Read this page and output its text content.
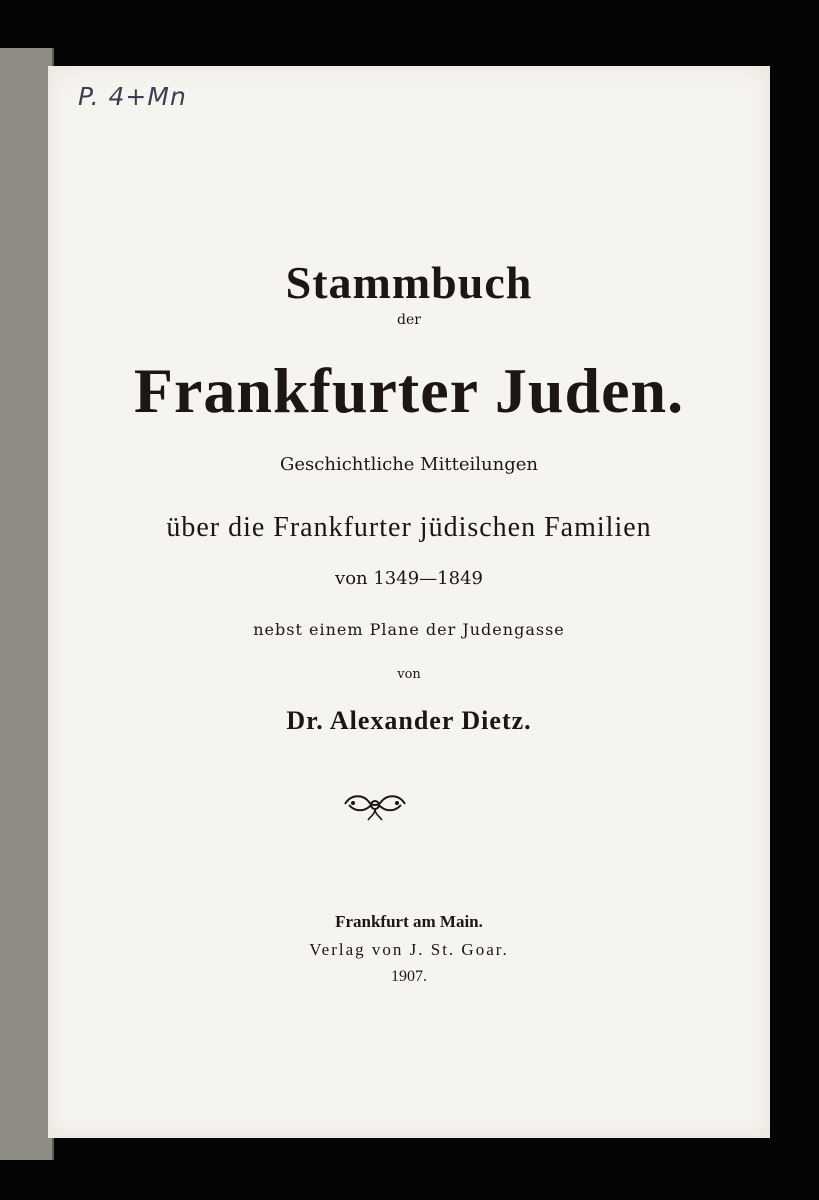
P. 4+Mn
Stammbuch
der
Frankfurter Juden.
Geschichtliche Mitteilungen
über die Frankfurter jüdischen Familien
von 1349—1849
nebst einem Plane der Judengasse
von
Dr. Alexander Dietz.
Frankfurt am Main.
Verlag von J. St. Goar.
1907.
